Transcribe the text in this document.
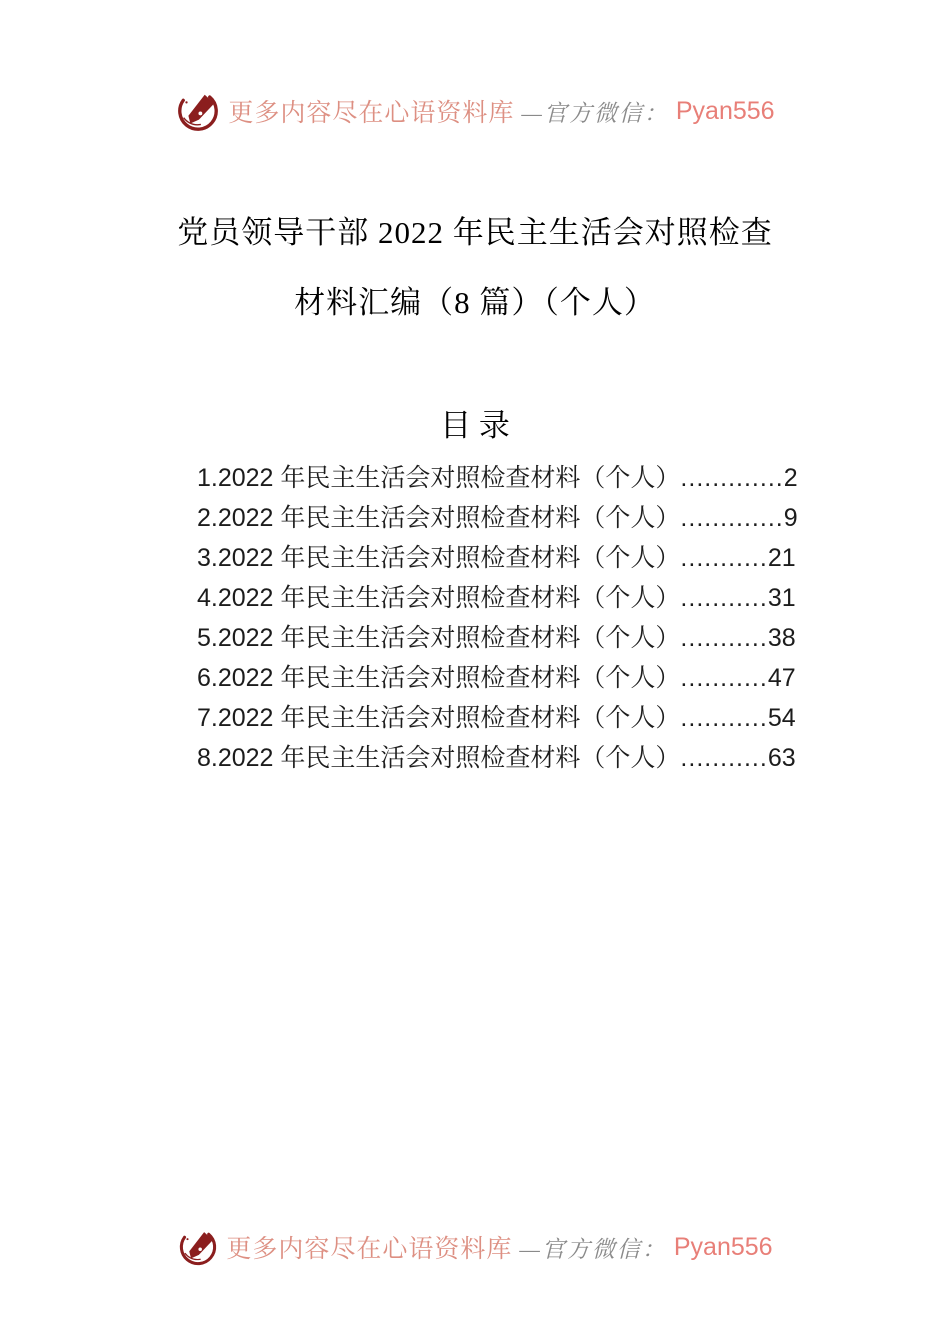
更多内容尽在心语资料库 —官方微信： Pyan556
党员领导干部 2022 年民主生活会对照检查
材料汇编（8 篇）（个人）
目 录
1.2022 年民主生活会对照检查材料（个人）.............2
2.2022 年民主生活会对照检查材料（个人）.............9
3.2022 年民主生活会对照检查材料（个人）...........21
4.2022 年民主生活会对照检查材料（个人）...........31
5.2022 年民主生活会对照检查材料（个人）...........38
6.2022 年民主生活会对照检查材料（个人）...........47
7.2022 年民主生活会对照检查材料（个人）...........54
8.2022 年民主生活会对照检查材料（个人）...........63
更多内容尽在心语资料库 —官方微信： Pyan556
